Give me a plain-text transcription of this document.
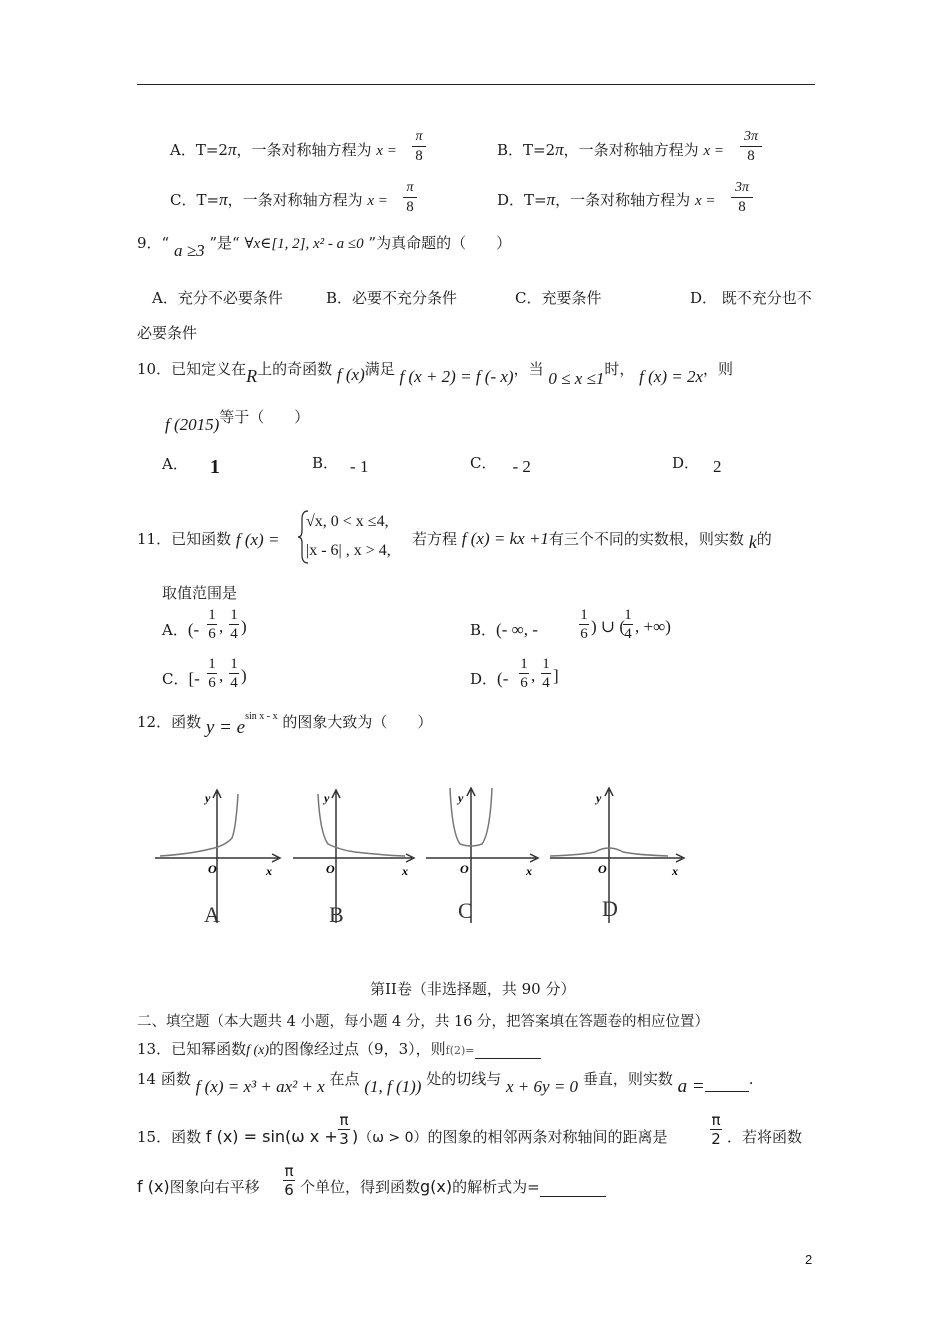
A．T=2π，一条对称轴方程为 x =
π
8	B．T=2π，一条对称轴方程为 x =
3π
8
C．T=π，一条对称轴方程为 x =
π
8	D．T=π，一条对称轴方程为 x =
3π
8
9．“ a ≥3 ”是“ ∀x∈[1, 2], x² - a ≤0 ”为真命题的（　　）
A．充分不必要条件	B．必要不充分条件	C．充要条件	D． 既不充分也不
必要条件
10．已知定义在R上的奇函数 f (x)满足 f (x + 2) = f (- x)，当 0 ≤ x ≤1时， f (x) = 2x，则
f (2015)等于（　　）
A． 1	B． - 1	C． - 2	D． 2
11．已知函数 f (x) =
√x, 0 < x ≤4,
|x - 6| , x > 4,
若方程 f (x) = kx +1有三个不同的实数根，则实数 k的
取值范围是
A．(-
1
6 ,
1
4 )	B．(- ∞, -
1
6 ) ∪ (
1
4 , +∞)
C．[-
1
6 ,
1
4 )	D．(-
1
6 ,
1
4 ]
12．函数 $y = e^{sin x - x}$ 的图象大致为（　　）
y
O	x
A
y
O	x
B
y
O	x
C
y
O	x
D
第II卷（非选择题，共 90 分）
二、填空题（本大题共 4 小题，每小题 4 分，共 16 分，把答案填在答题卷的相应位置）
13．已知幂函数f (x)的图像经过点（9，3），则f(2)=
14 函数 f (x) = x³ + ax² + x 在点 (1, f (1)) 处的切线与 x + 6y = 0 垂直，则实数 a =	.
15．函数 f (x) = sin(ω x +
π
3 )（ω > 0）的图象的相邻两条对称轴间的距离是
π
2 ．若将函数
f (x)图象向右平移
π
6 个单位，得到函数g(x)的解析式为=
2
